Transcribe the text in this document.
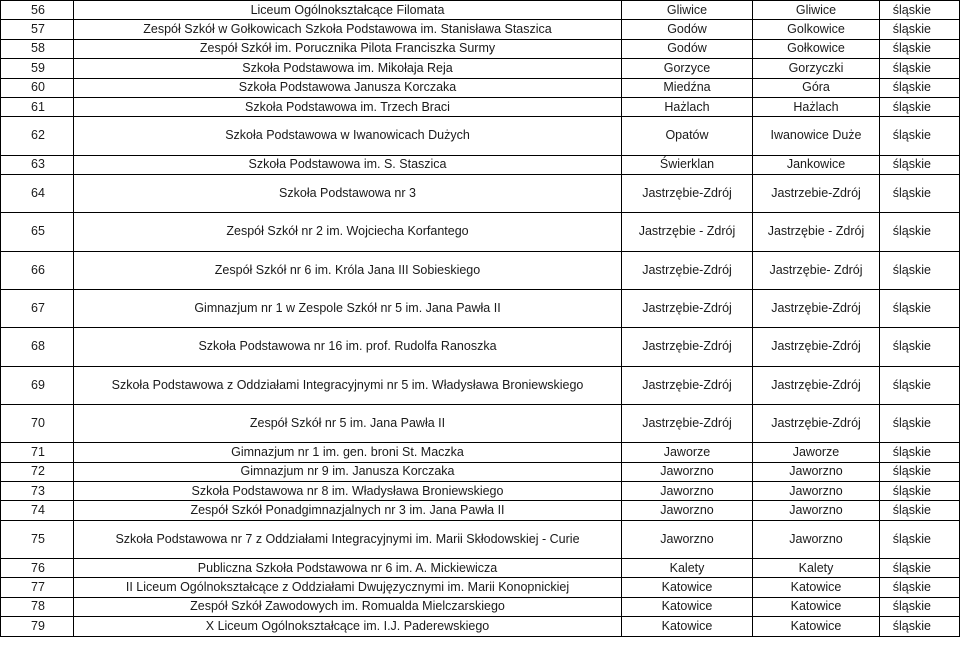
56	Liceum Ogólnokształcące Filomata	Gliwice	Gliwice	śląskie
57	Zespół Szkół w Gołkowicach Szkoła Podstawowa im. Stanisława Staszica	Godów	Golkowice	śląskie
58	Zespół Szkół im. Porucznika Pilota Franciszka Surmy	Godów	Gołkowice	śląskie
59	Szkoła Podstawowa im. Mikołaja Reja	Gorzyce	Gorzyczki	śląskie
60	Szkoła Podstawowa Janusza Korczaka	Miedźna	Góra	śląskie
61	Szkoła Podstawowa im. Trzech Braci	Hażlach	Hażlach	śląskie
62	Szkoła Podstawowa w Iwanowicach Dużych	Opatów	Iwanowice Duże	śląskie
63	Szkoła Podstawowa im. S. Staszica	Świerklan	Jankowice	śląskie
64	Szkoła Podstawowa nr 3	Jastrzębie-Zdrój	Jastrzebie-Zdrój	śląskie
65	Zespół Szkół nr 2 im. Wojciecha Korfantego	Jastrzębie - Zdrój	Jastrzębie - Zdrój	śląskie
66	Zespół Szkół nr 6 im. Króla Jana III Sobieskiego	Jastrzębie-Zdrój	Jastrzębie- Zdrój	śląskie
67	Gimnazjum nr 1 w Zespole Szkół nr 5 im. Jana Pawła II	Jastrzębie-Zdrój	Jastrzębie-Zdrój	śląskie
68	Szkoła Podstawowa nr 16 im. prof. Rudolfa Ranoszka	Jastrzębie-Zdrój	Jastrzębie-Zdrój	śląskie
69	Szkoła Podstawowa z Oddziałami Integracyjnymi nr 5 im. Władysława Broniewskiego	Jastrzębie-Zdrój	Jastrzębie-Zdrój	śląskie
70	Zespół Szkół nr 5 im. Jana Pawła II	Jastrzębie-Zdrój	Jastrzębie-Zdrój	śląskie
71	Gimnazjum nr 1 im. gen. broni St. Maczka	Jaworze	Jaworze	śląskie
72	Gimnazjum nr 9 im. Janusza Korczaka	Jaworzno	Jaworzno	śląskie
73	Szkoła Podstawowa nr 8 im. Władysława Broniewskiego	Jaworzno	Jaworzno	śląskie
74	Zespół Szkół Ponadgimnazjalnych nr 3 im. Jana Pawła II	Jaworzno	Jaworzno	śląskie
75	Szkoła Podstawowa nr 7 z Oddziałami Integracyjnymi im. Marii Skłodowskiej - Curie	Jaworzno	Jaworzno	śląskie
76	Publiczna Szkoła Podstawowa nr 6 im. A. Mickiewicza	Kalety	Kalety	śląskie
77	II Liceum Ogólnokształcące z Oddziałami Dwujęzycznymi im. Marii Konopnickiej	Katowice	Katowice	śląskie
78	Zespół Szkół Zawodowych im. Romualda Mielczarskiego	Katowice	Katowice	śląskie
79	X Liceum Ogólnokształcące im. I.J. Paderewskiego	Katowice	Katowice	śląskie
